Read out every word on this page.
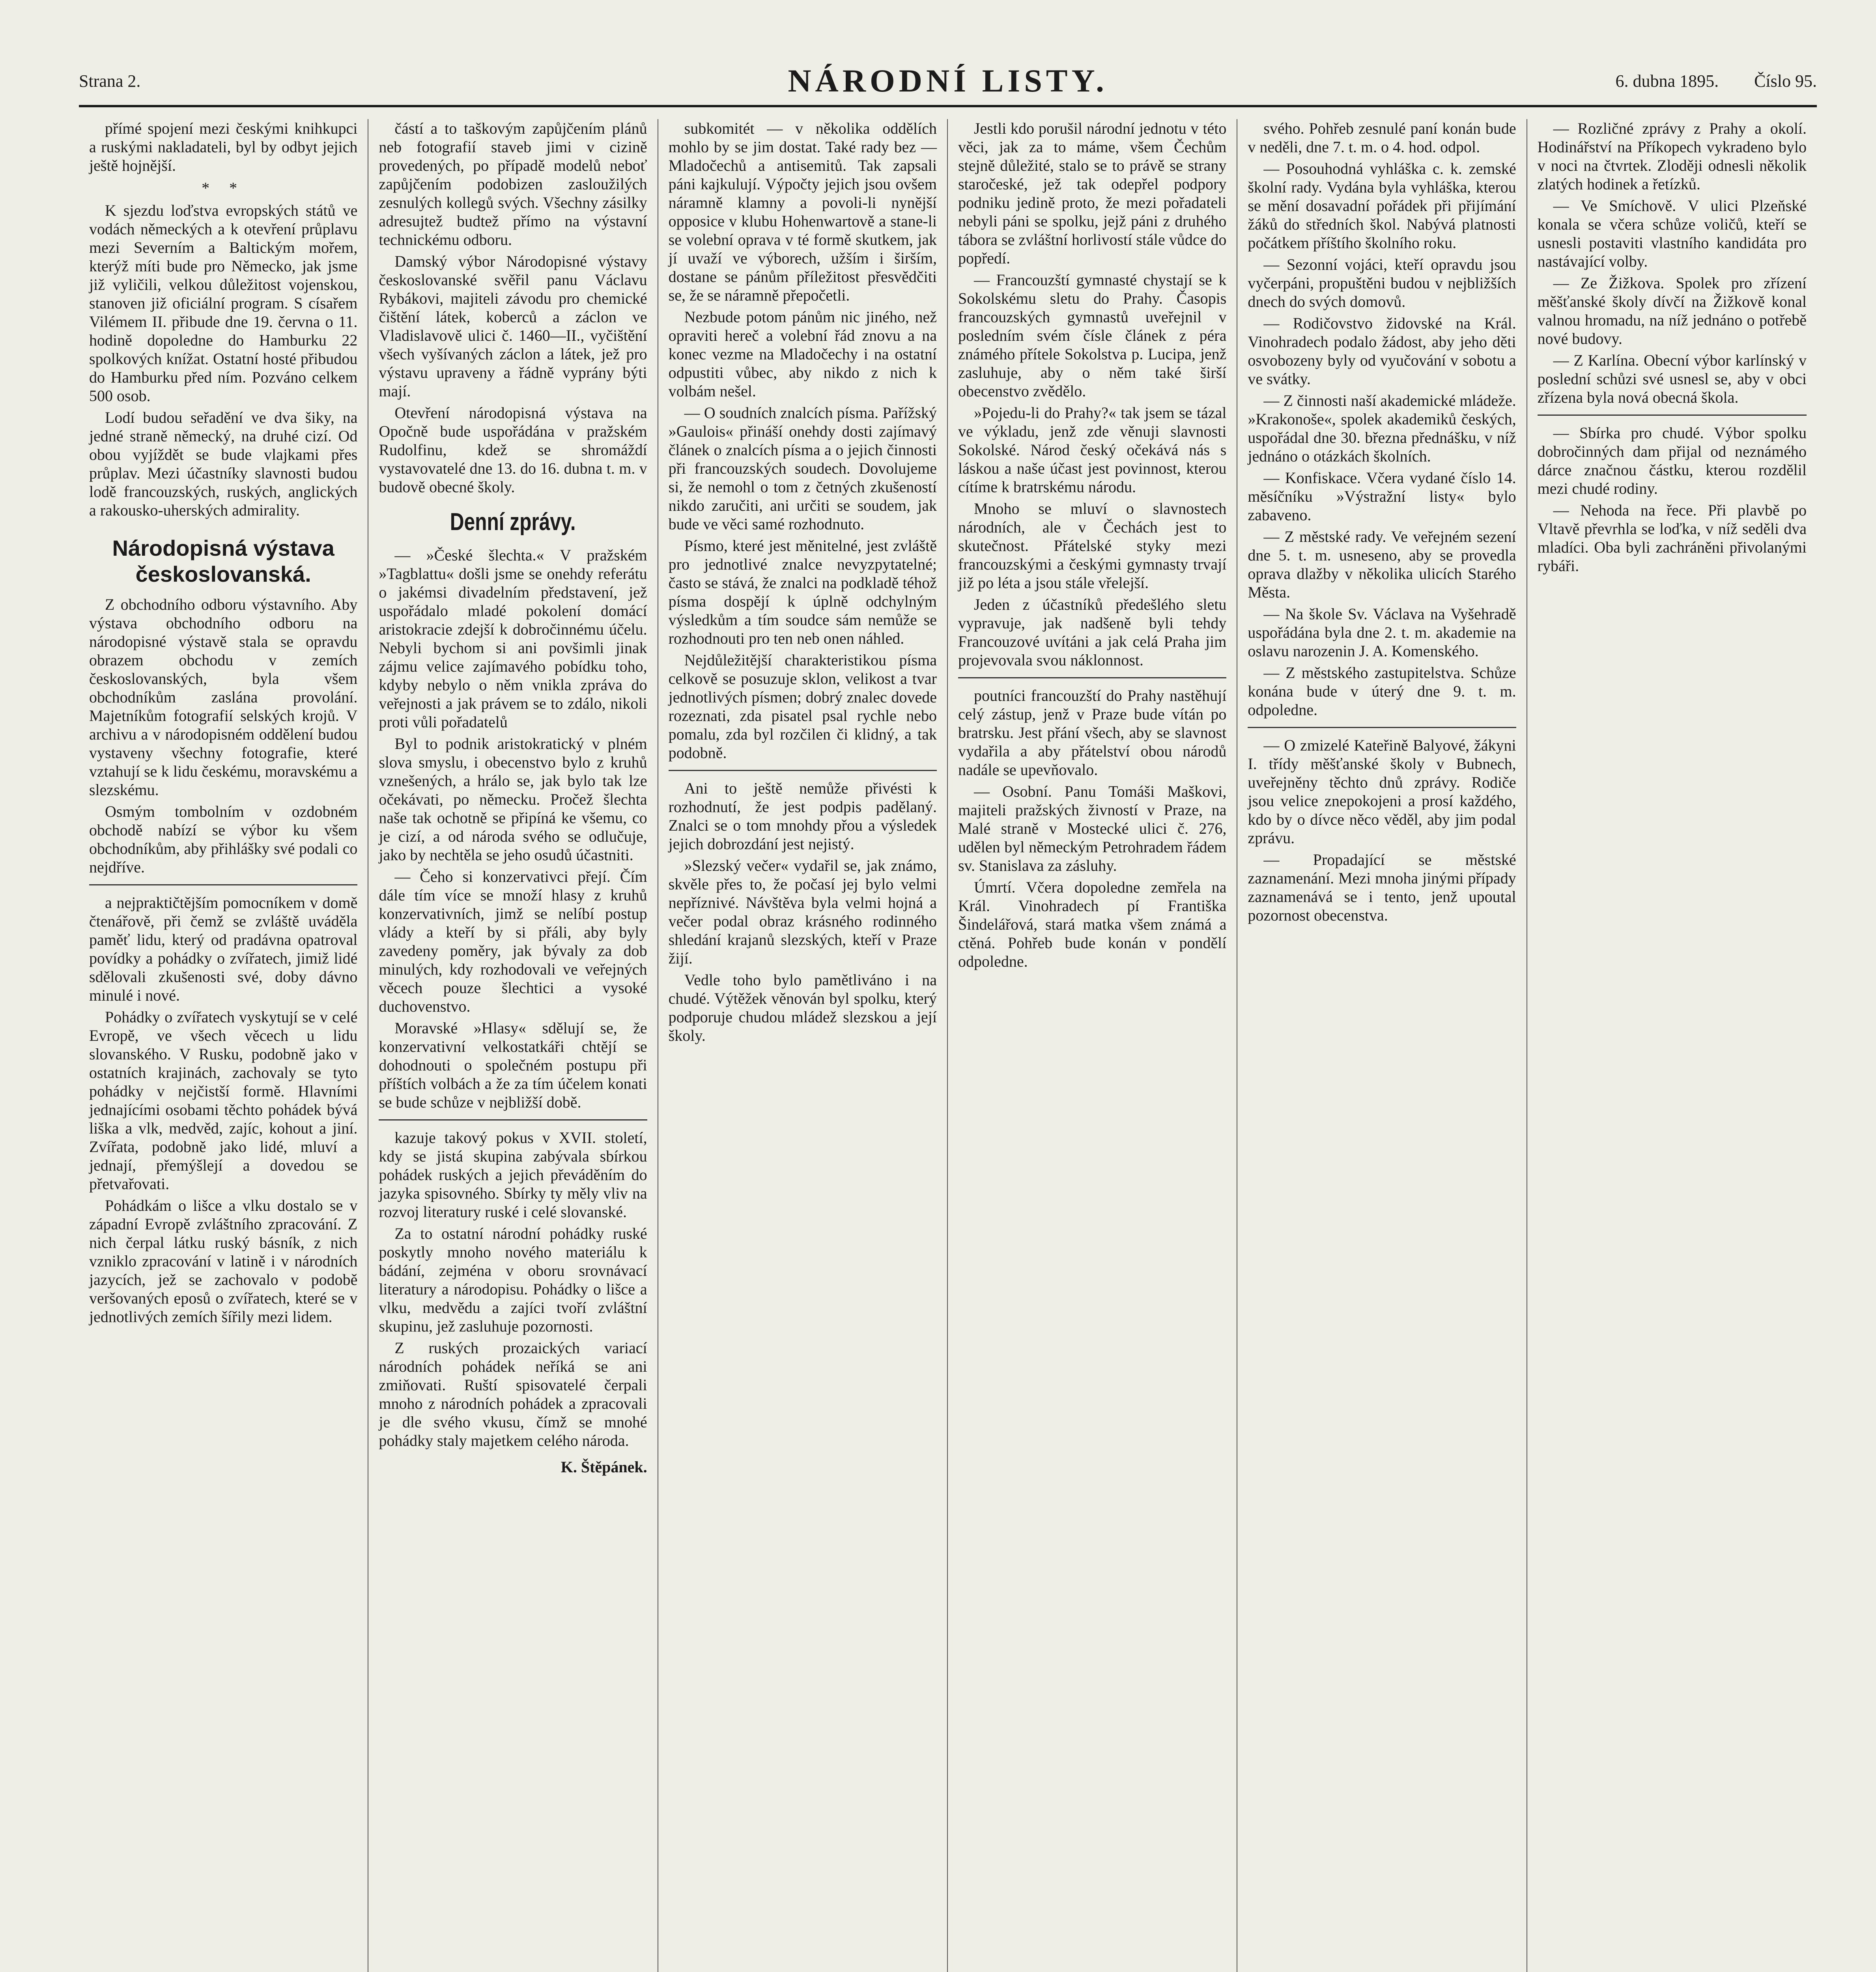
Strana 2.	NÁRODNÍ LISTY.	6. dubna 1895. Číslo 95.

přímé spojení mezi českými knihkupci a ruskými nakladateli, byl by odbyt jejich ještě hojnější.

* *

K sjezdu loďstva evropských států ve vodách německých a k otevření průplavu mezi Severním a Baltickým mořem, kterýž míti bude pro Německo, jak jsme již vyličili, velkou důležitost vojenskou, stanoven již oficiální program. S císařem Vilémem II. přibude dne 19. června o 11. hodině dopoledne do Hamburku 22 spolkových knížat. Ostatní hosté přibudou do Hamburku před ním. Pozváno celkem 500 osob.

Lodí budou seřadění ve dva šiky, na jedné straně německý, na druhé cizí. Od obou vyjíždět se bude vlajkami přes průplav. Mezi účastníky slavnosti budou lodě francouzských, ruských, anglických a rakousko-uherských admirality.

Národopisná výstava českoslovanská.

Z obchodního odboru výstavního. Aby výstava obchodního odboru na národopisné výstavě stala se opravdu obrazem obchodu v zemích českoslovanských, byla všem obchodníkům zaslána provolání. Majetníkům fotografií selských krojů. V archivu a v národopisném oddělení budou vystaveny všechny fotografie, které vztahují se k lidu českému, moravskému a slezskému.

Osmým tombolním v ozdobném obchodě nabízí se výbor ku všem obchodníkům, aby přihlášky své podali co nejdříve.

a nejpraktičtějším pomocníkem v domě čtenářově, při čemž se zvláště uváděla paměť lidu, který od pradávna opatroval povídky a pohádky o zvířatech, jimiž lidé sdělovali zkušenosti své, doby dávno minulé i nové.

Pohádky o zvířatech vyskytují se v celé Evropě, ve všech věcech u lidu slovanského. V Rusku, podobně jako v ostatních krajinách, zachovaly se tyto pohádky v nejčistší formě. Hlavními jednajícími osobami těchto pohádek bývá liška a vlk, medvěd, zajíc, kohout a jiní. Zvířata, podobně jako lidé, mluví a jednají, přemýšlejí a dovedou se přetvařovati.

Pohádkám o lišce a vlku dostalo se v západní Evropě zvláštního zpracování. Z nich čerpal látku ruský básník, z nich vzniklo zpracování v latině i v národních jazycích, jež se zachovalo v podobě veršovaných eposů o zvířatech, které se v jednotlivých zemích šířily mezi lidem.

částí a to taškovým zapůjčením plánů neb fotografií staveb jimi v cizině provedených, po případě modelů neboť zapůjčením podobizen zasloužilých zesnulých kollegů svých. Všechny zásilky adresujtež budtež přímo na výstavní technickému odboru.

Damský výbor Národopisné výstavy českoslovanské svěřil panu Václavu Rybákovi, majiteli závodu pro chemické čištění látek, koberců a záclon ve Vladislavově ulici č. 1460—II., vyčištění všech vyšívaných záclon a látek, jež pro výstavu upraveny a řádně vyprány býti mají.

Otevření národopisná výstava na Opočně bude uspořádána v pražském Rudolfinu, kdež se shromáždí vystavovatelé dne 13. do 16. dubna t. m. v budově obecné školy.

Denní zprávy.

— »České šlechta.« V pražském »Tagblattu« došli jsme se onehdy referátu o jakémsi divadelním představení, jež uspořádalo mladé pokolení domácí aristokracie zdejší k dobročinnému účelu. Nebyli bychom si ani povšimli jinak zájmu velice zajímavého pobídku toho, kdyby nebylo o něm vnikla zpráva do veřejnosti a jak právem se to zdálo, nikoli proti vůli pořadatelů

Byl to podnik aristokratický v plném slova smyslu, i obecenstvo bylo z kruhů vznešených, a hrálo se, jak bylo tak lze očekávati, po německu. Pročež šlechta naše tak ochotně se připíná ke všemu, co je cizí, a od národa svého se odlučuje, jako by nechtěla se jeho osudů účastniti.

— Čeho si konzervativci přejí. Čím dále tím více se množí hlasy z kruhů konzervativních, jimž se nelíbí postup vlády a kteří by si přáli, aby byly zavedeny poměry, jak bývaly za dob minulých, kdy rozhodovali ve veřejných věcech pouze šlechtici a vysoké duchovenstvo.

Moravské »Hlasy« sdělují se, že konzervativní velkostatkáři chtějí se dohodnouti o společném postupu při příštích volbách a že za tím účelem konati se bude schůze v nejbližší době.

kazuje takový pokus v XVII. století, kdy se jistá skupina zabývala sbírkou pohádek ruských a jejich převáděním do jazyka spisovného. Sbírky ty měly vliv na rozvoj literatury ruské i celé slovanské.

Za to ostatní národní pohádky ruské poskytly mnoho nového materiálu k bádání, zejména v oboru srovnávací literatury a národopisu. Pohádky o lišce a vlku, medvědu a zajíci tvoří zvláštní skupinu, jež zasluhuje pozornosti.

Z ruských prozaických variací národních pohádek neříká se ani zmiňovati. Ruští spisovatelé čerpali mnoho z národních pohádek a zpracovali je dle svého vkusu, čímž se mnohé pohádky staly majetkem celého národa.

K. Štěpánek.

subkomitét — v několika oddělích mohlo by se jim dostat. Také rady bez — Mladočechů a antisemitů. Tak zapsali páni kajkulují. Výpočty jejich jsou ovšem náramně klamny a povoli-li nynější opposice v klubu Hohenwartově a stane-li se volební oprava v té formě skutkem, jak jí uvaží ve výborech, užším i širším, dostane se pánům příležitost přesvědčiti se, že se náramně přepočetli.

Nezbude potom pánům nic jiného, než opraviti hereč a volební řád znovu a na konec vezme na Mladočechy i na ostatní odpustiti vůbec, aby nikdo z nich k volbám nešel.

— O soudních znalcích písma. Pařížský »Gaulois« přináší onehdy dosti zajímavý článek o znalcích písma a o jejich činnosti při francouzských soudech. Dovolujeme si, že nemohl o tom z četných zkušeností nikdo zaručiti, ani určiti se soudem, jak bude ve věci samé rozhodnuto.

Písmo, které jest měnitelné, jest zvláště pro jednotlivé znalce nevyzpytatelné; často se stává, že znalci na podkladě téhož písma dospějí k úplně odchylným výsledkům a tím soudce sám nemůže se rozhodnouti pro ten neb onen náhled.

Nejdůležitější charakteristikou písma celkově se posuzuje sklon, velikost a tvar jednotlivých písmen; dobrý znalec dovede rozeznati, zda pisatel psal rychle nebo pomalu, zda byl rozčilen či klidný, a tak podobně.

Ani to ještě nemůže přivésti k rozhodnutí, že jest podpis padělaný. Znalci se o tom mnohdy přou a výsledek jejich dobrozdání jest nejistý.

»Slezský večer« vydařil se, jak známo, skvěle přes to, že počasí jej bylo velmi nepříznivé. Návštěva byla velmi hojná a večer podal obraz krásného rodinného shledání krajanů slezských, kteří v Praze žijí.

Vedle toho bylo pamětliváno i na chudé. Výtěžek věnován byl spolku, který podporuje chudou mládež slezskou a její školy.

Jestli kdo porušil národní jednotu v této věci, jak za to máme, všem Čechům stejně důležité, stalo se to právě se strany staročeské, jež tak odepřel podpory podniku jedině proto, že mezi pořadateli nebyli páni se spolku, jejž páni z druhého tábora se zvláštní horlivostí stále vůdce do popředí.

— Francouzští gymnasté chystají se k Sokolskému sletu do Prahy. Časopis francouzských gymnastů uveřejnil v posledním svém čísle článek z péra známého přítele Sokolstva p. Lucipa, jenž zasluhuje, aby o něm také širší obecenstvo zvědělo.

»Pojedu-li do Prahy?« tak jsem se tázal ve výkladu, jenž zde věnuji slavnosti Sokolské. Národ český očekává nás s láskou a naše účast jest povinnost, kterou cítíme k bratrskému národu.

Mnoho se mluví o slavnostech národních, ale v Čechách jest to skutečnost. Přátelské styky mezi francouzskými a českými gymnasty trvají již po léta a jsou stále vřelejší.

Jeden z účastníků předešlého sletu vypravuje, jak nadšeně byli tehdy Francouzové uvítáni a jak celá Praha jim projevovala svou náklonnost.

poutníci francouzští do Prahy nastěhují celý zástup, jenž v Praze bude vítán po bratrsku. Jest přání všech, aby se slavnost vydařila a aby přátelství obou národů nadále se upevňovalo.

— Osobní. Panu Tomáši Maškovi, majiteli pražských živností v Praze, na Malé straně v Mostecké ulici č. 276, udělen byl německým Petrohradem řádem sv. Stanislava za zásluhy.

Úmrtí. Včera dopoledne zemřela na Král. Vinohradech pí Františka Šindelářová, stará matka všem známá a ctěná. Pohřeb bude konán v pondělí odpoledne.

svého. Pohřeb zesnulé paní konán bude v neděli, dne 7. t. m. o 4. hod. odpol.

— Posouhodná vyhláška c. k. zemské školní rady. Vydána byla vyhláška, kterou se mění dosavadní pořádek při přijímání žáků do středních škol. Nabývá platnosti počátkem příštího školního roku.

— Sezonní vojáci, kteří opravdu jsou vyčerpáni, propuštěni budou v nejbližších dnech do svých domovů.

— Rodičovstvo židovské na Král. Vinohradech podalo žádost, aby jeho děti osvobozeny byly od vyučování v sobotu a ve svátky.

— Z činnosti naší akademické mládeže. »Krakonoše«, spolek akademiků českých, uspořádal dne 30. března přednášku, v níž jednáno o otázkách školních.

— Konfiskace. Včera vydané číslo 14. měsíčníku »Výstražní listy« bylo zabaveno.

— Z městské rady. Ve veřejném sezení dne 5. t. m. usneseno, aby se provedla oprava dlažby v několika ulicích Starého Města.

— Na škole Sv. Václava na Vyšehradě uspořádána byla dne 2. t. m. akademie na oslavu narozenin J. A. Komenského.

— Z městského zastupitelstva. Schůze konána bude v úterý dne 9. t. m. odpoledne.

— O zmizelé Kateřině Balyové, žákyni I. třídy měšťanské školy v Bubnech, uveřejněny těchto dnů zprávy. Rodiče jsou velice znepokojeni a prosí každého, kdo by o dívce něco věděl, aby jim podal zprávu.

— Propadající se městské zaznamenání. Mezi mnoha jinými případy zaznamenává se i tento, jenž upoutal pozornost obecenstva.

— Rozličné zprávy z Prahy a okolí. Hodinářství na Příkopech vykradeno bylo v noci na čtvrtek. Zloději odnesli několik zlatých hodinek a řetízků.

— Ve Smíchově. V ulici Plzeňské konala se včera schůze voličů, kteří se usnesli postaviti vlastního kandidáta pro nastávající volby.

— Ze Žižkova. Spolek pro zřízení měšťanské školy dívčí na Žižkově konal valnou hromadu, na níž jednáno o potřebě nové budovy.

— Z Karlína. Obecní výbor karlínský v poslední schůzi své usnesl se, aby v obci zřízena byla nová obecná škola.

— Sbírka pro chudé. Výbor spolku dobročinných dam přijal od neznámého dárce značnou částku, kterou rozdělil mezi chudé rodiny.

— Nehoda na řece. Při plavbě po Vltavě převrhla se loďka, v níž seděli dva mladíci. Oba byli zachráněni přivolanými rybáři.
